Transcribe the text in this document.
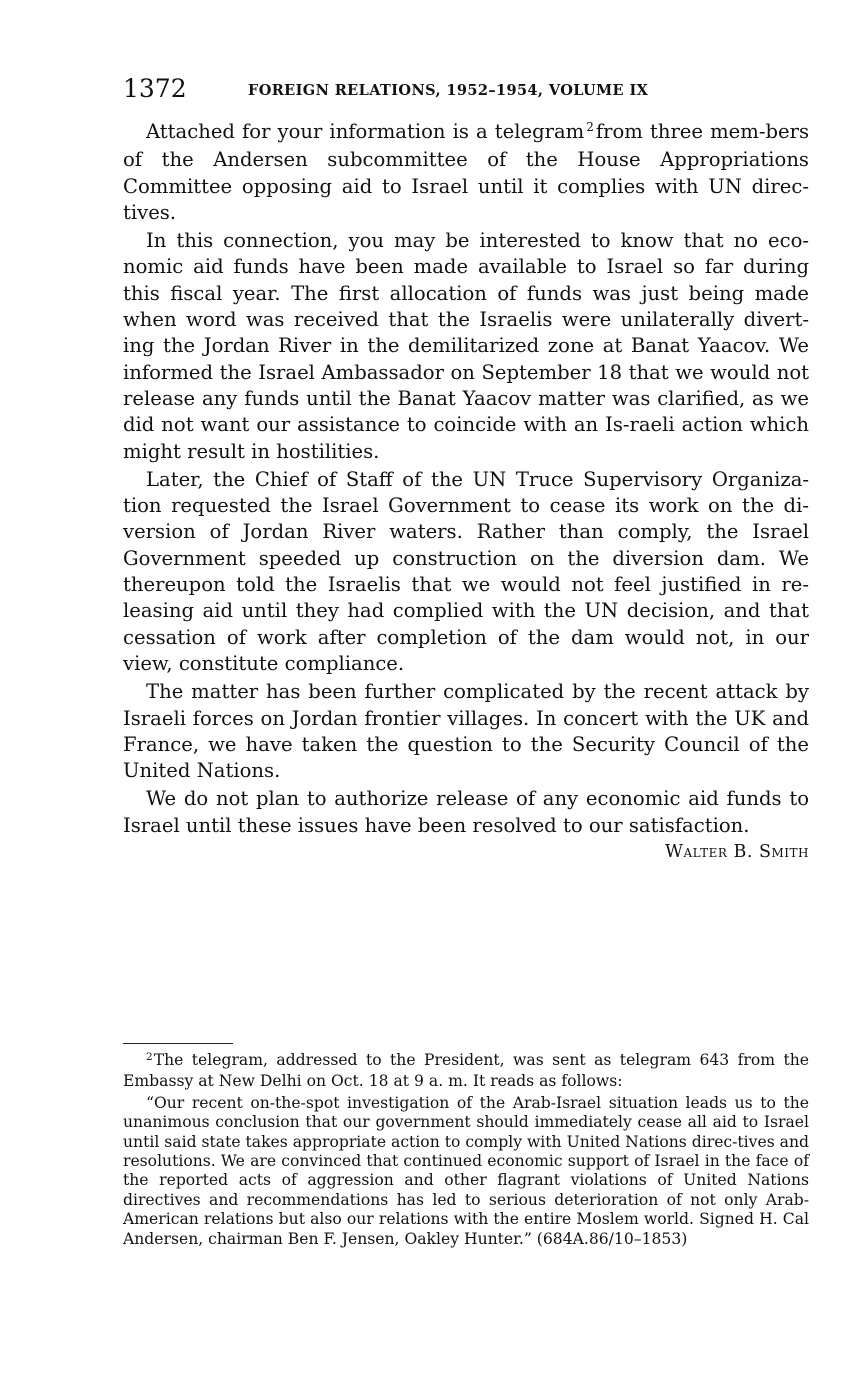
1372	FOREIGN RELATIONS, 1952–1954, VOLUME IX

Attached for your information is a telegram $^2$ from three mem-bers of the Andersen subcommittee of the House Appropriations Committee opposing aid to Israel until it complies with UN direc-tives.

In this connection, you may be interested to know that no eco-nomic aid funds have been made available to Israel so far during this fiscal year. The first allocation of funds was just being made when word was received that the Israelis were unilaterally divert-ing the Jordan River in the demilitarized zone at Banat Yaacov. We informed the Israel Ambassador on September 18 that we would not release any funds until the Banat Yaacov matter was clarified, as we did not want our assistance to coincide with an Is-raeli action which might result in hostilities.

Later, the Chief of Staff of the UN Truce Supervisory Organiza-tion requested the Israel Government to cease its work on the di-version of Jordan River waters. Rather than comply, the Israel Government speeded up construction on the diversion dam. We thereupon told the Israelis that we would not feel justified in re-leasing aid until they had complied with the UN decision, and that cessation of work after completion of the dam would not, in our view, constitute compliance.

The matter has been further complicated by the recent attack by Israeli forces on Jordan frontier villages. In concert with the UK and France, we have taken the question to the Security Council of the United Nations.

We do not plan to authorize release of any economic aid funds to Israel until these issues have been resolved to our satisfaction.

Walter B. Smith

$^2$The telegram, addressed to the President, was sent as telegram 643 from the Embassy at New Delhi on Oct. 18 at 9 a. m. It reads as follows:

“Our recent on-the-spot investigation of the Arab-Israel situation leads us to the unanimous conclusion that our government should immediately cease all aid to Israel until said state takes appropriate action to comply with United Nations direc-tives and resolutions. We are convinced that continued economic support of Israel in the face of the reported acts of aggression and other flagrant violations of United Nations directives and recommendations has led to serious deterioration of not only Arab-American relations but also our relations with the entire Moslem world. Signed H. Cal Andersen, chairman Ben F. Jensen, Oakley Hunter.” (684A.86/10–1853)
